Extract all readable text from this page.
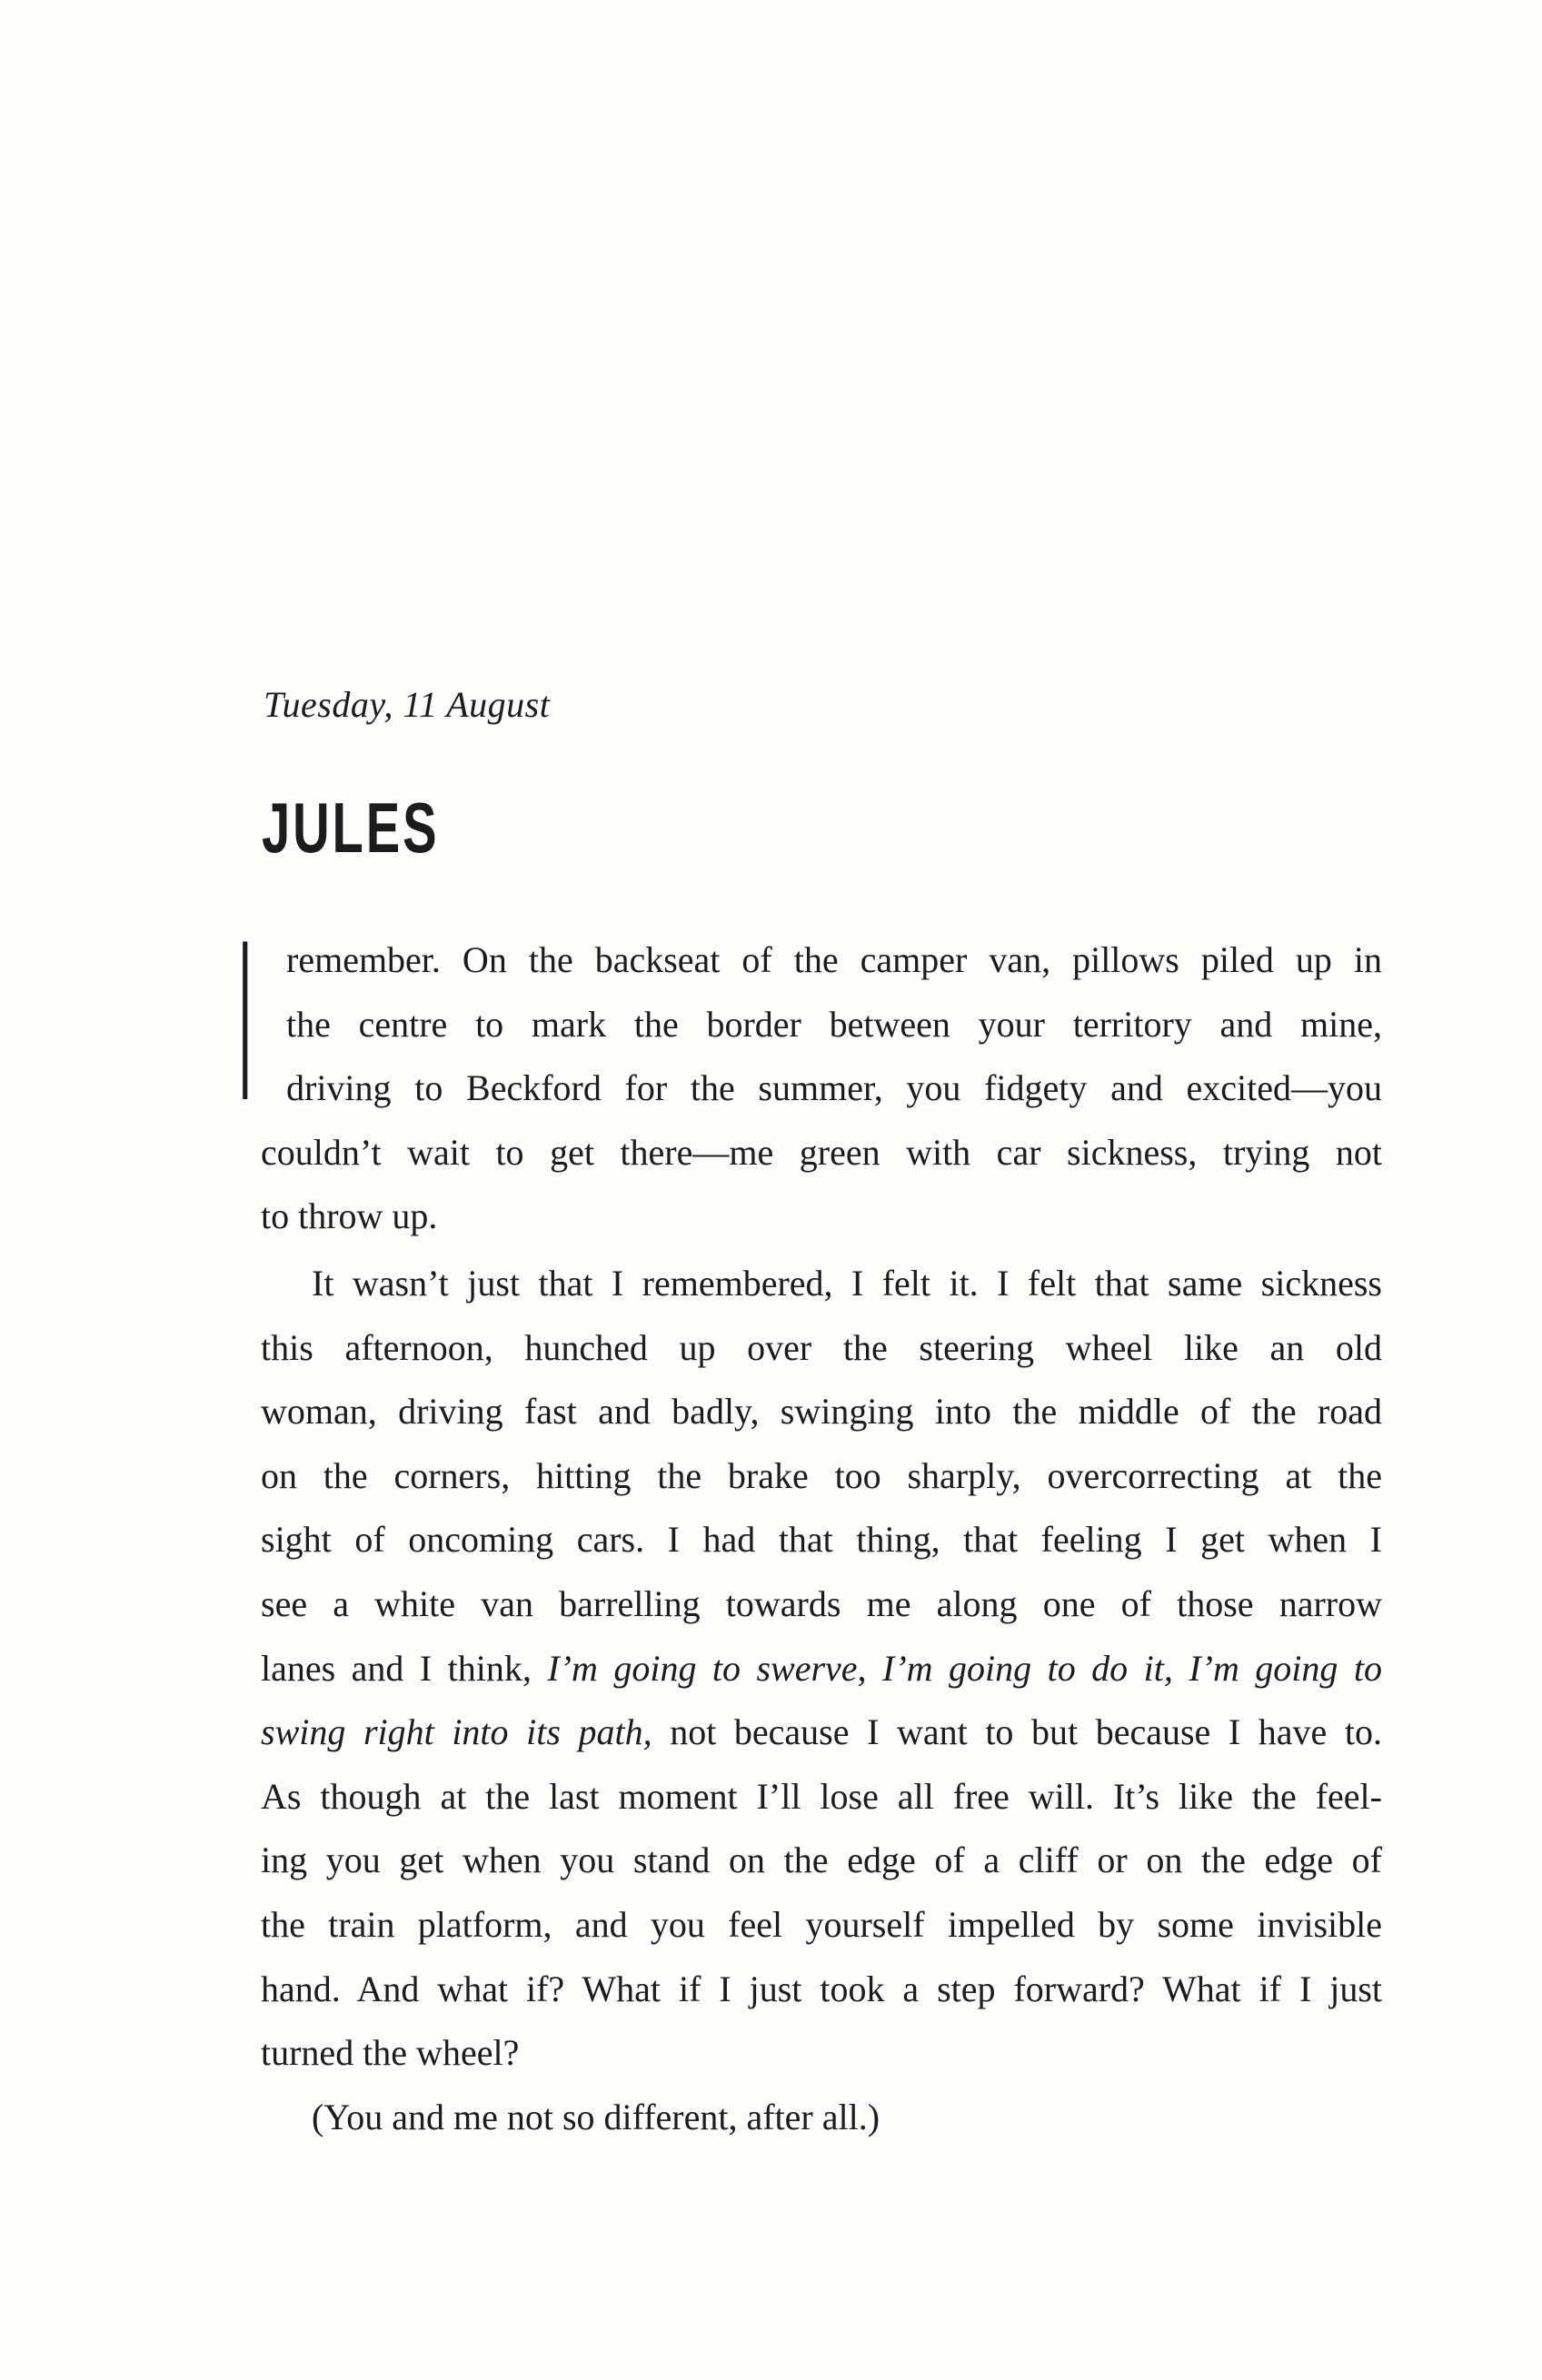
Tuesday, 11 August
JULES
I remember. On the backseat of the camper van, pillows piled up in
the centre to mark the border between your territory and mine,
driving to Beckford for the summer, you fidgety and excited—you
couldn’t wait to get there—me green with car sickness, trying not
to throw up.
It wasn’t just that I remembered, I felt it. I felt that same sickness
this afternoon, hunched up over the steering wheel like an old
woman, driving fast and badly, swinging into the middle of the road
on the corners, hitting the brake too sharply, overcorrecting at the
sight of oncoming cars. I had that thing, that feeling I get when I
see a white van barrelling towards me along one of those narrow
lanes and I think, I’m going to swerve, I’m going to do it, I’m going to
swing right into its path, not because I want to but because I have to.
As though at the last moment I’ll lose all free will. It’s like the feel-
ing you get when you stand on the edge of a cliff or on the edge of
the train platform, and you feel yourself impelled by some invisible
hand. And what if? What if I just took a step forward? What if I just
turned the wheel?
(You and me not so different, after all.)
